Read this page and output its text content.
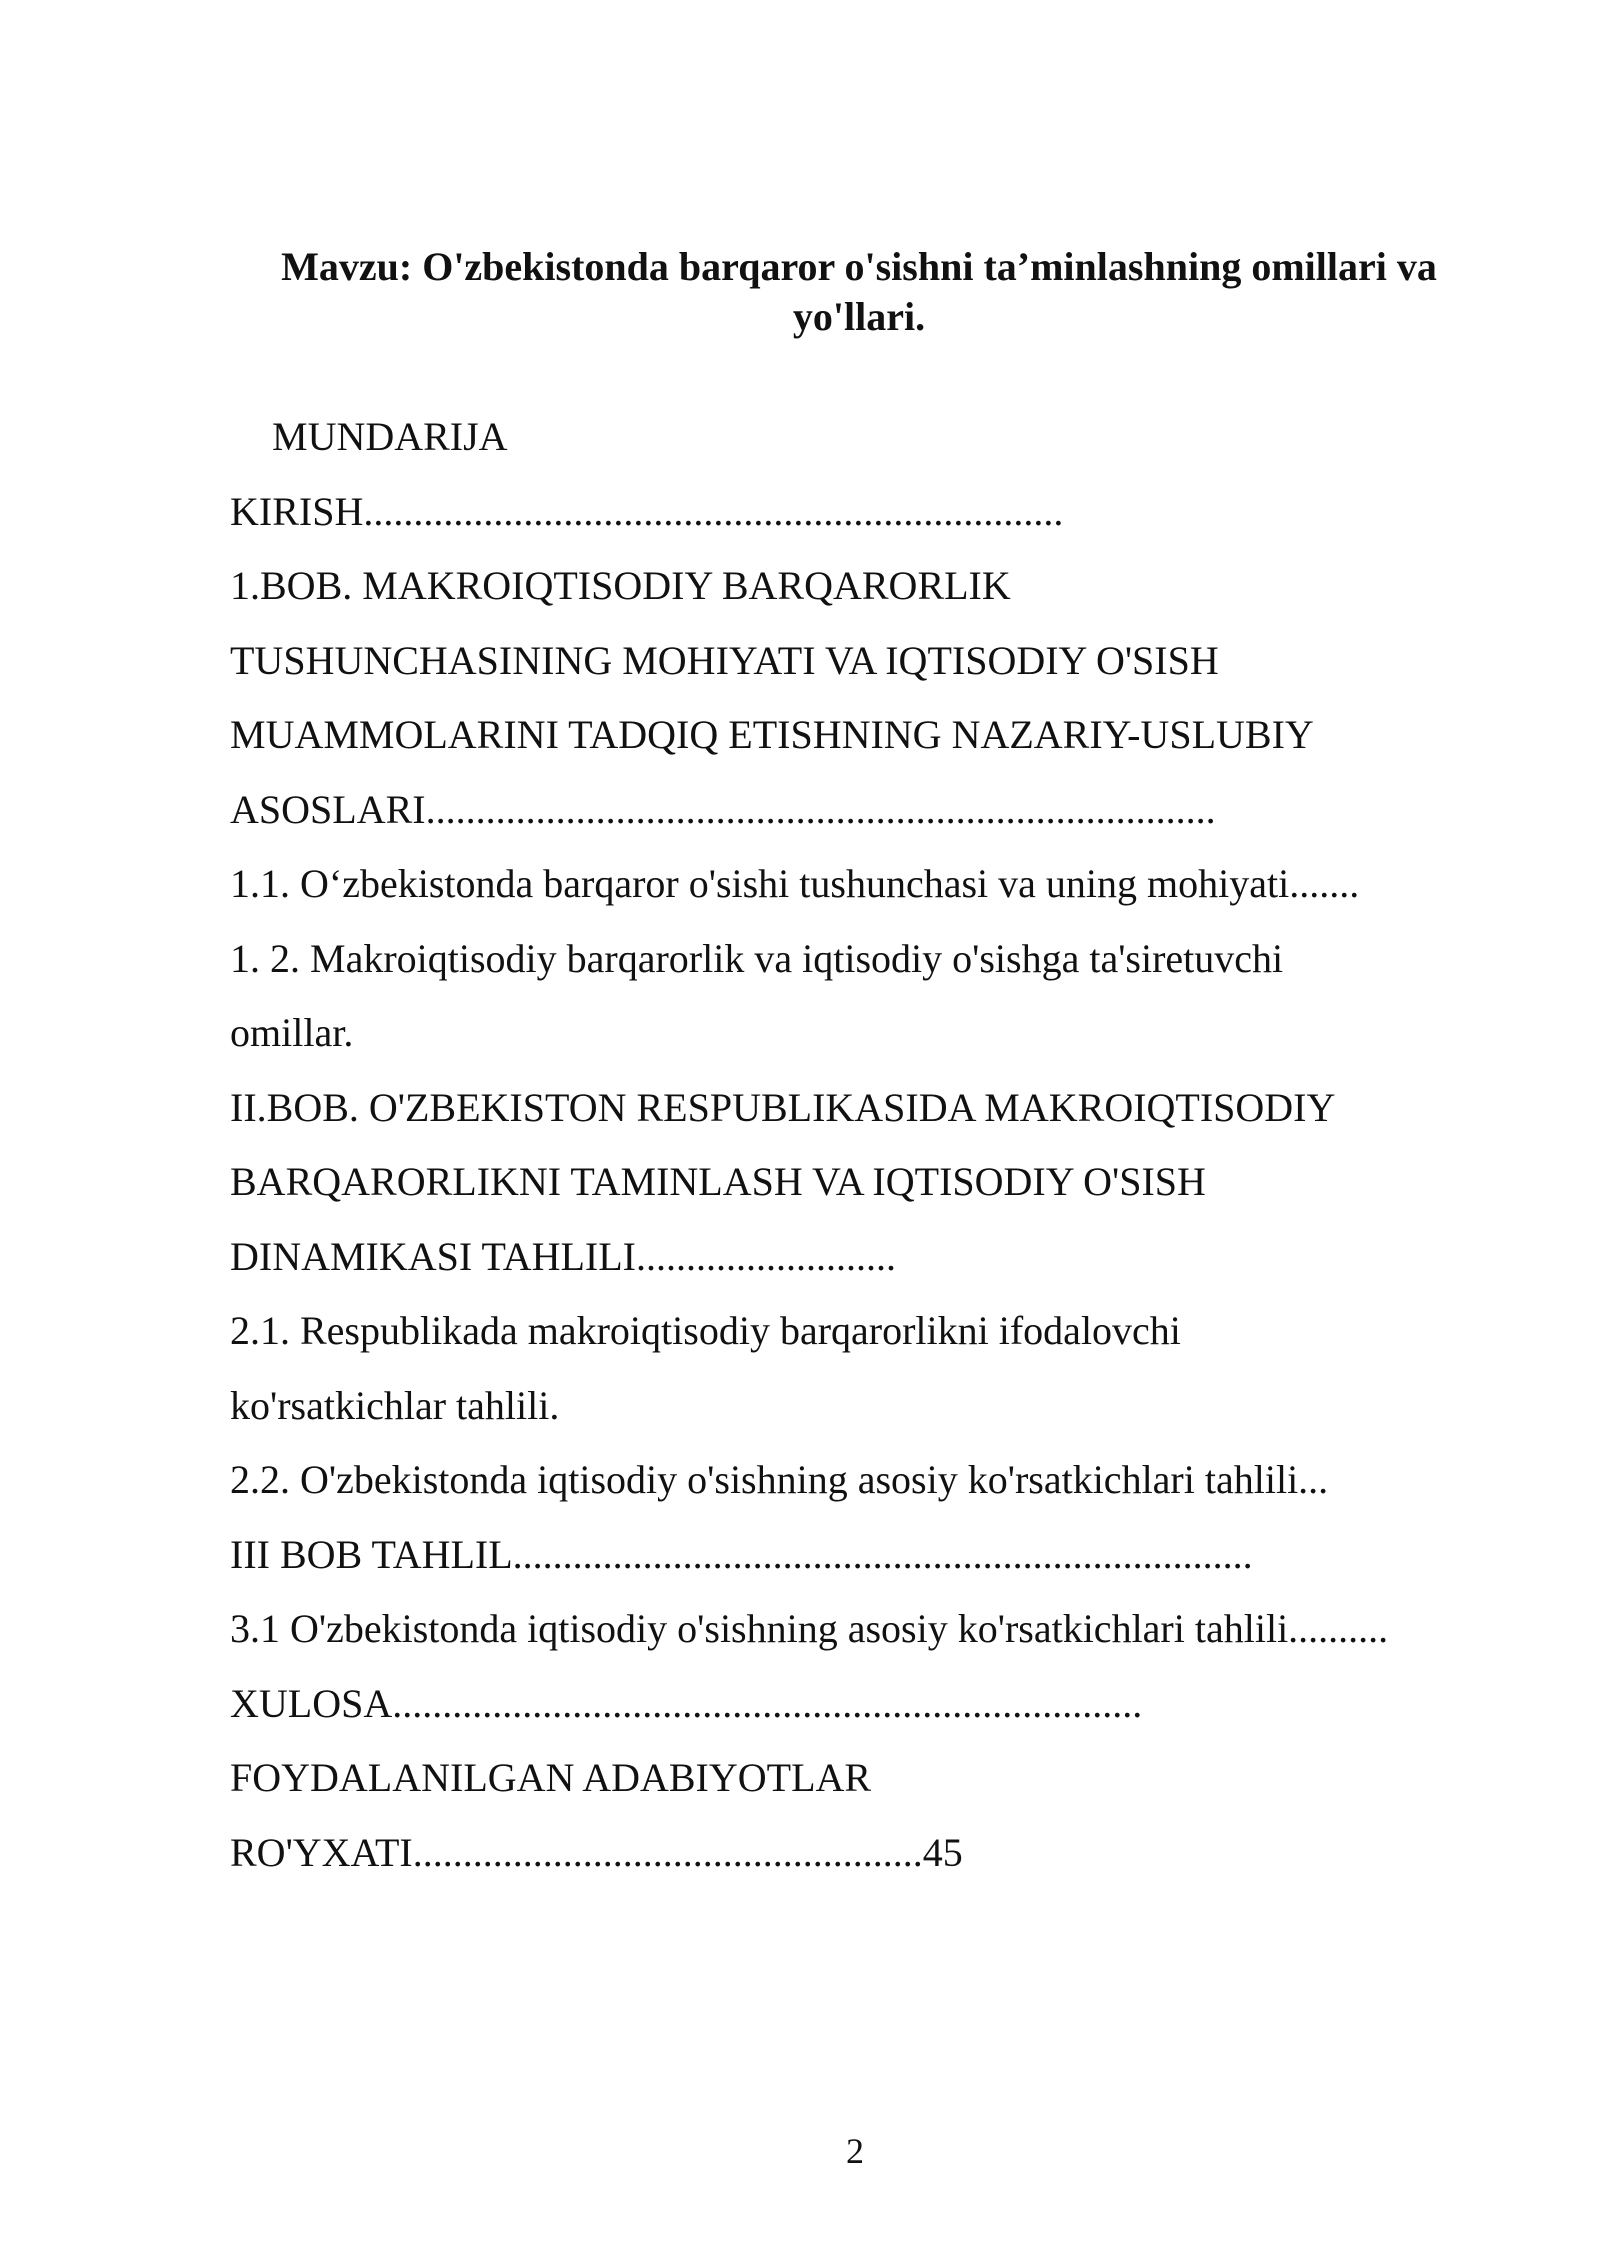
Mavzu: O'zbekistonda barqaror o'sishni ta’minlashning omillari va yo'llari.
MUNDARIJA
KIRISH......................................................................
1.BOB. MAKROIQTISODIY BARQARORLIK
TUSHUNCHASINING MOHIYATI VA IQTISODIY O'SISH
MUAMMOLARINI TADQIQ ETISHNING NAZARIY-USLUBIY
ASOSLARI...............................................................................
1.1. O‘zbekistonda barqaror o'sishi tushunchasi va uning mohiyati.......
1. 2. Makroiqtisodiy barqarorlik va iqtisodiy o'sishga ta'siretuvchi
omillar.
II.BOB. O'ZBEKISTON RESPUBLIKASIDA MAKROIQTISODIY
BARQARORLIKNI TAMINLASH VA IQTISODIY O'SISH
DINAMIKASI TAHLILI..........................
2.1. Respublikada makroiqtisodiy barqarorlikni ifodalovchi
ko'rsatkichlar tahlili.
2.2. O'zbekistonda iqtisodiy o'sishning asosiy ko'rsatkichlari tahlili...
III BOB TAHLIL..........................................................................
3.1 O'zbekistonda iqtisodiy o'sishning asosiy ko'rsatkichlari tahlili..........
XULOSA...........................................................................
FOYDALANILGAN ADABIYOTLAR
RO'YXATI...................................................45
2
